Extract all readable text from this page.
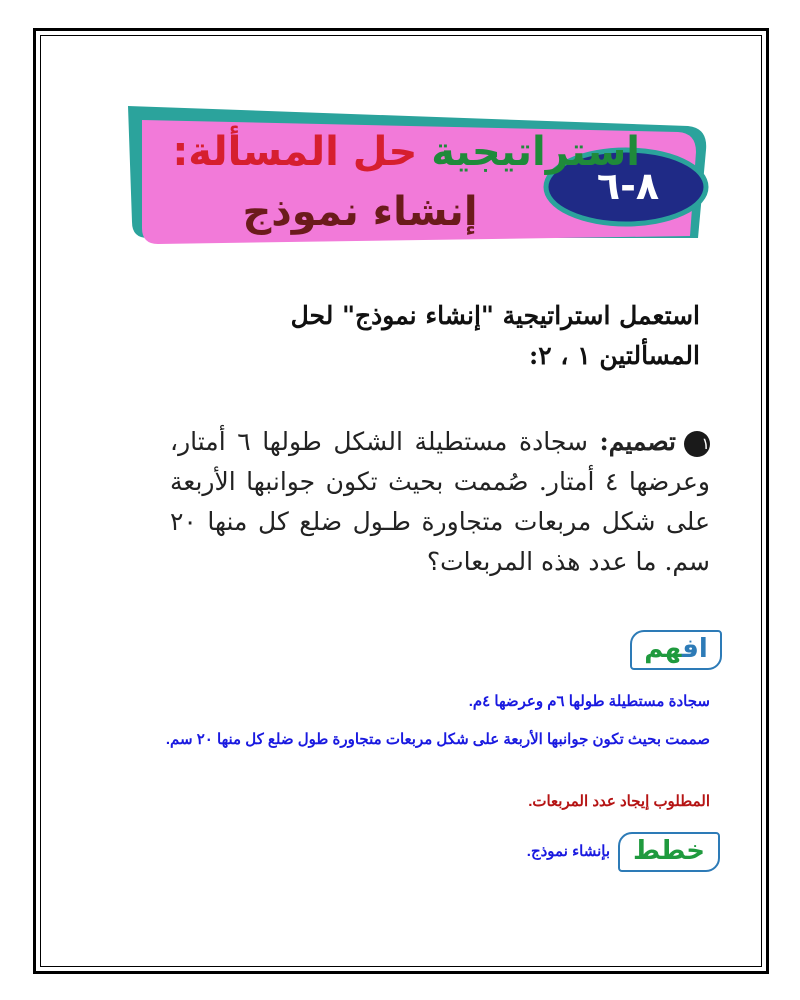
استراتيجية حل المسألة:
إنشاء نموذج
٨-٦
استعمل استراتيجية "إنشاء نموذج" لحل
المسألتين ١ ، ٢:
١تصميم: سجادة مستطيلة الشكل طولها ٦ أمتار، وعرضها ٤ أمتار. صُممت بحيث تكون جوانبها الأربعة على شكل مربعات متجاورة طـول ضلع كل منها ٢٠ سم. ما عدد هذه المربعات؟
افهم
سجادة مستطيلة طولها ٦م وعرضها ٤م.
صممت بحيث تكون جوانبها الأربعة على شكل مربعات متجاورة طول ضلع كل منها ٢٠ سم.
المطلوب إيجاد عدد المربعات.
خطط
بإنشاء نموذج.
